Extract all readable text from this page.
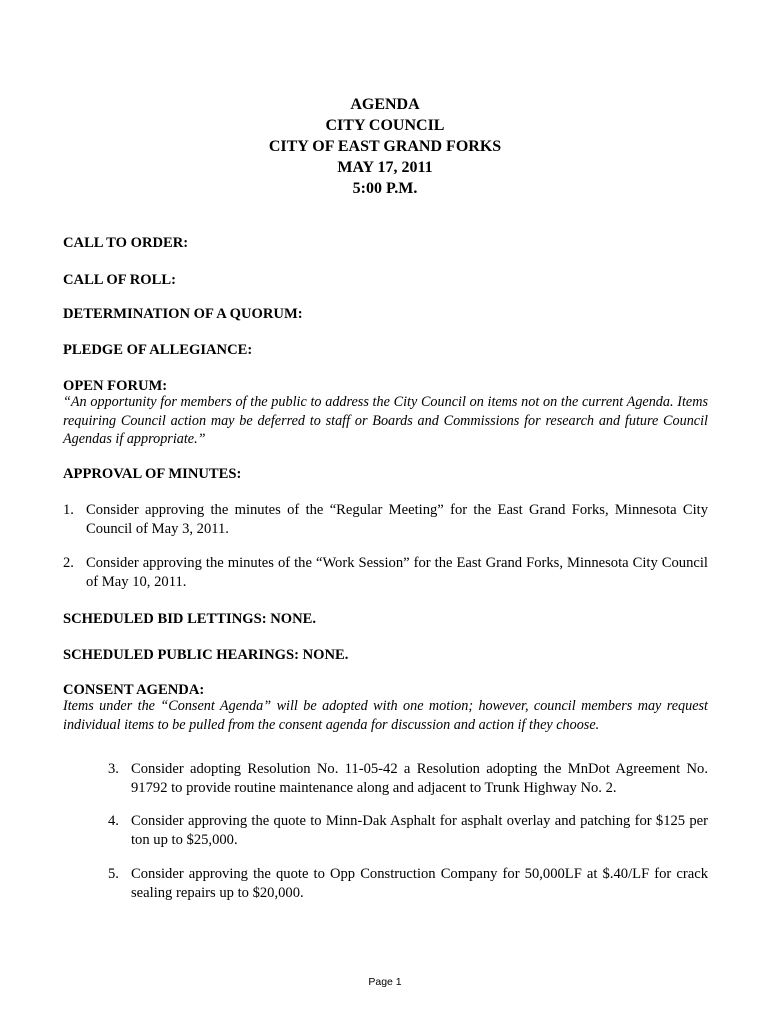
AGENDA
CITY COUNCIL
CITY OF EAST GRAND FORKS
MAY 17, 2011
5:00 P.M.
CALL TO ORDER:
CALL OF ROLL:
DETERMINATION OF A QUORUM:
PLEDGE OF ALLEGIANCE:
OPEN FORUM:
“An opportunity for members of the public to address the City Council on items not on the current Agenda. Items requiring Council action may be deferred to staff or Boards and Commissions for research and future Council Agendas if appropriate.”
APPROVAL OF MINUTES:
1. Consider approving the minutes of the “Regular Meeting” for the East Grand Forks, Minnesota City Council of May 3, 2011.
2. Consider approving the minutes of the “Work Session” for the East Grand Forks, Minnesota City Council of May 10, 2011.
SCHEDULED BID LETTINGS: NONE.
SCHEDULED PUBLIC HEARINGS: NONE.
CONSENT AGENDA:
Items under the “Consent Agenda” will be adopted with one motion; however, council members may request individual items to be pulled from the consent agenda for discussion and action if they choose.
3. Consider adopting Resolution No. 11-05-42 a Resolution adopting the MnDot Agreement No. 91792 to provide routine maintenance along and adjacent to Trunk Highway No. 2.
4. Consider approving the quote to Minn-Dak Asphalt for asphalt overlay and patching for $125 per ton up to $25,000.
5. Consider approving the quote to Opp Construction Company for 50,000LF at $.40/LF for crack sealing repairs up to $20,000.
Page 1
